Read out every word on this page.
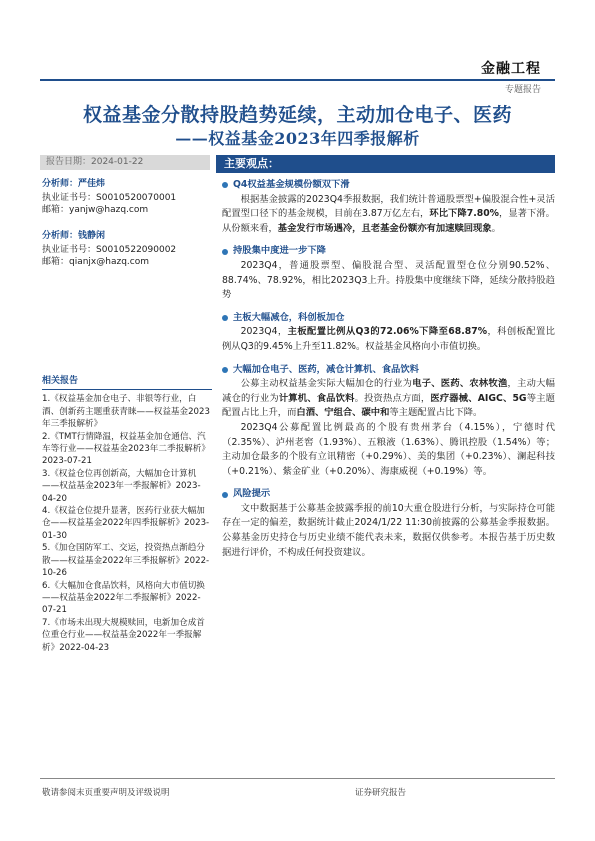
金融工程
专题报告
权益基金分散持股趋势延续，主动加仓电子、医药
——权益基金2023年四季报解析
报告日期：2024-01-22	主要观点：
分析师：严佳炜
执业证书号：S0010520070001
邮箱：yanjw@hazq.com
分析师：钱静闲
执业证书号：S0010522090002
邮箱：qianjx@hazq.com
相关报告

1.《权益基金加仓电子、非银等行业，白酒、创新药主题重获青睐——权益基金2023年三季报解析》

2.《TMT行情降温，权益基金加仓通信、汽车等行业——权益基金2023年二季报解析》2023-07-21

3.《权益仓位再创新高，大幅加仓计算机——权益基金2023年一季报解析》2023-04-20

4.《权益仓位提升显著，医药行业获大幅加仓——权益基金2022年四季报解析》2023-01-30

5.《加仓国防军工、交运，投资热点渐趋分散——权益基金2022年三季报解析》2022-10-26

6.《大幅加仓食品饮料，风格向大市值切换——权益基金2022年二季报解析》2022-07-21

7.《市场未出现大规模赎回，电新加仓成首位重仓行业——权益基金2022年一季报解析》2022-04-23

Q4权益基金规模份额双下滑

根据基金披露的2023Q4季报数据，我们统计普通股票型+偏股混合性+灵活配置型口径下的基金规模，目前在3.87万亿左右，环比下降7.80%，显著下滑。从份额来看，基金发行市场遇冷，且老基金份额亦有加速赎回现象。

持股集中度进一步下降

2023Q4，普通股票型、偏股混合型、灵活配置型仓位分别90.52%、88.74%、78.92%，相比2023Q3上升。持股集中度继续下降，延续分散持股趋势

主板大幅减仓，科创板加仓

2023Q4，主板配置比例从Q3的72.06%下降至68.87%，科创板配置比例从Q3的9.45%上升至11.82%。权益基金风格向小市值切换。

大幅加仓电子、医药，减仓计算机、食品饮料

公募主动权益基金实际大幅加仓的行业为电子、医药、农林牧渔，主动大幅减仓的行业为计算机、食品饮料。投资热点方面，医疗器械、AIGC、5G等主题配置占比上升，而白酒、宁组合、碳中和等主题配置占比下降。

2023Q4公募配置比例最高的个股有贵州茅台（4.15%），宁德时代（2.35%）、泸州老窖（1.93%）、五粮液（1.63%）、腾讯控股（1.54%）等；主动加仓最多的个股有立讯精密（+0.29%）、美的集团（+0.23%）、澜起科技（+0.21%）、紫金矿业（+0.20%）、海康威视（+0.19%）等。

风险提示

文中数据基于公募基金披露季报的前10大重仓股进行分析，与实际持仓可能存在一定的偏差，数据统计截止2024/1/22 11:30前披露的公募基金季报数据。公募基金历史持仓与历史业绩不能代表未来，数据仅供参考。本报告基于历史数据进行评价，不构成任何投资建议。

敬请参阅末页重要声明及评级说明	证券研究报告
